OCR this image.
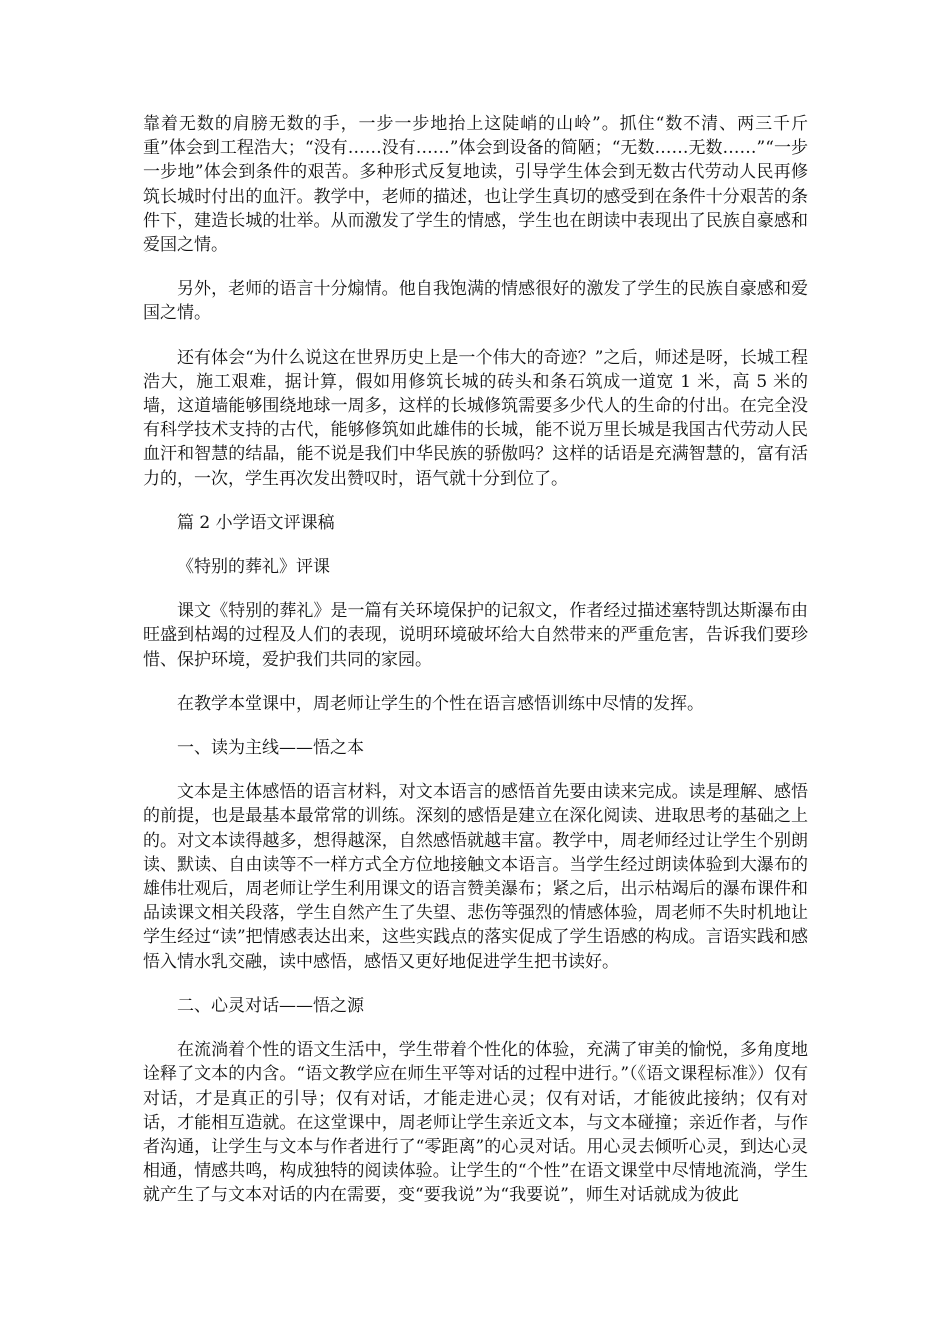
靠着无数的肩膀无数的手，一步一步地抬上这陡峭的山岭”。抓住“数不清、两三千斤重”体会到工程浩大；“没有……没有……”体会到设备的简陋；“无数……无数……”“一步一步地”体会到条件的艰苦。多种形式反复地读，引导学生体会到无数古代劳动人民再修筑长城时付出的血汗。教学中，老师的描述，也让学生真切的感受到在条件十分艰苦的条件下，建造长城的壮举。从而激发了学生的情感，学生也在朗读中表现出了民族自豪感和爱国之情。

另外，老师的语言十分煽情。他自我饱满的情感很好的激发了学生的民族自豪感和爱国之情。

还有体会“为什么说这在世界历史上是一个伟大的奇迹？”之后，师述是呀，长城工程浩大，施工艰难，据计算，假如用修筑长城的砖头和条石筑成一道宽 1 米，高 5 米的墙，这道墙能够围绕地球一周多，这样的长城修筑需要多少代人的生命的付出。在完全没有科学技术支持的古代，能够修筑如此雄伟的长城，能不说万里长城是我国古代劳动人民血汗和智慧的结晶，能不说是我们中华民族的骄傲吗？这样的话语是充满智慧的，富有活力的，一次，学生再次发出赞叹时，语气就十分到位了。

篇 2 小学语文评课稿

《特别的葬礼》评课

课文《特别的葬礼》是一篇有关环境保护的记叙文，作者经过描述塞特凯达斯瀑布由旺盛到枯竭的过程及人们的表现，说明环境破坏给大自然带来的严重危害，告诉我们要珍惜、保护环境，爱护我们共同的家园。

在教学本堂课中，周老师让学生的个性在语言感悟训练中尽情的发挥。

一、读为主线——悟之本

文本是主体感悟的语言材料，对文本语言的感悟首先要由读来完成。读是理解、感悟的前提，也是最基本最常常的训练。深刻的感悟是建立在深化阅读、进取思考的基础之上的。对文本读得越多，想得越深，自然感悟就越丰富。教学中，周老师经过让学生个别朗读、默读、自由读等不一样方式全方位地接触文本语言。当学生经过朗读体验到大瀑布的雄伟壮观后，周老师让学生利用课文的语言赞美瀑布；紧之后，出示枯竭后的瀑布课件和品读课文相关段落，学生自然产生了失望、悲伤等强烈的情感体验，周老师不失时机地让学生经过“读”把情感表达出来，这些实践点的落实促成了学生语感的构成。言语实践和感悟入情水乳交融，读中感悟，感悟又更好地促进学生把书读好。

二、心灵对话——悟之源

在流淌着个性的语文生活中，学生带着个性化的体验，充满了审美的愉悦，多角度地诠释了文本的内含。“语文教学应在师生平等对话的过程中进行。”（《语文课程标准》）仅有对话，才是真正的引导；仅有对话，才能走进心灵；仅有对话，才能彼此接纳；仅有对话，才能相互造就。在这堂课中，周老师让学生亲近文本，与文本碰撞；亲近作者，与作者沟通，让学生与文本与作者进行了“零距离”的心灵对话。用心灵去倾听心灵，到达心灵相通，情感共鸣，构成独特的阅读体验。让学生的“个性”在语文课堂中尽情地流淌，学生就产生了与文本对话的内在需要，变“要我说”为“我要说”，师生对话就成为彼此
